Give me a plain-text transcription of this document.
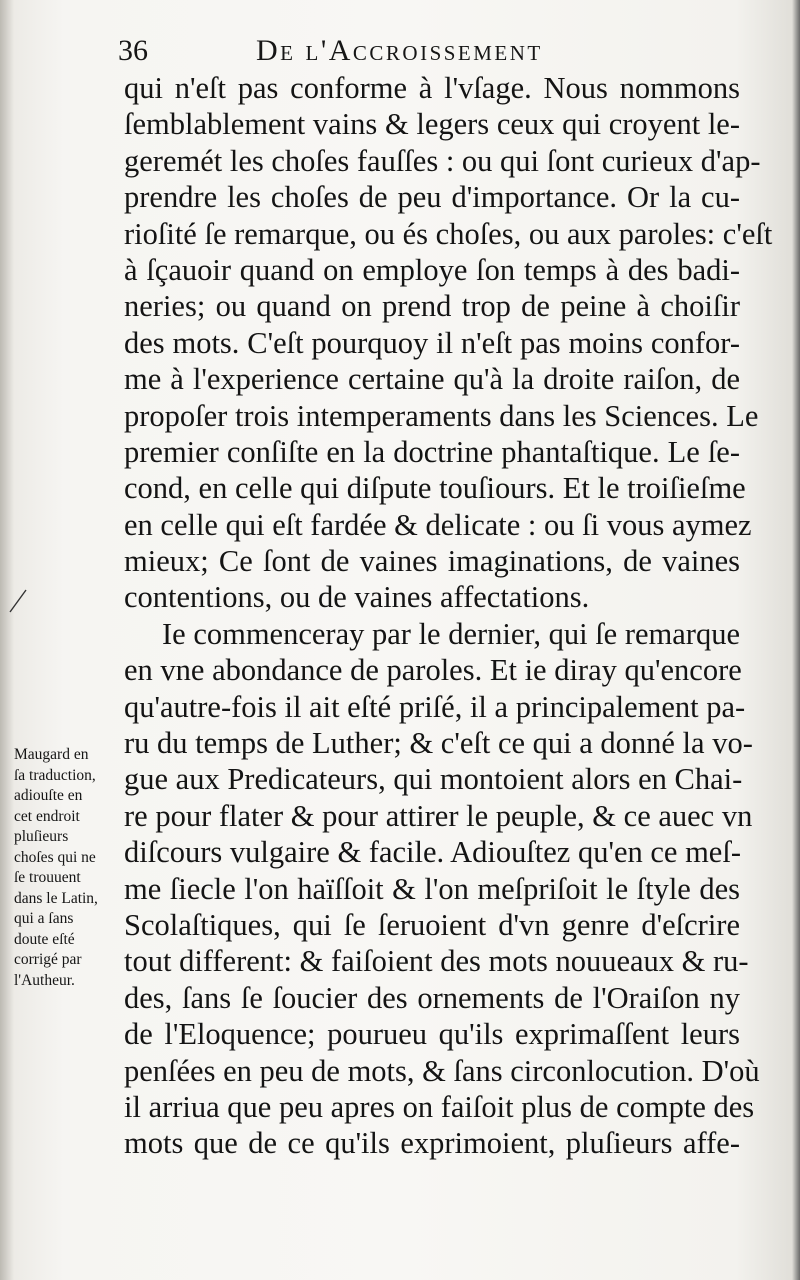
36	De l'Accroissement
qui n'eſt pas conforme à l'vſage. Nous nommons
ſemblablement vains & legers ceux qui croyent le-
geremét les choſes fauſſes : ou qui ſont curieux d'ap-
prendre les choſes de peu d'importance. Or la cu-
rioſité ſe remarque, ou és choſes, ou aux paroles: c'eſt
à ſçauoir quand on employe ſon temps à des badi-
neries; ou quand on prend trop de peine à choiſir
des mots. C'eſt pourquoy il n'eſt pas moins confor-
me à l'experience certaine qu'à la droite raiſon, de
propoſer trois intemperaments dans les Sciences. Le
premier conſiſte en la doctrine phantaſtique. Le ſe-
cond, en celle qui diſpute touſiours. Et le troiſieſme
en celle qui eſt fardée & delicate : ou ſi vous aymez
mieux; Ce ſont de vaines imaginations, de vaines
contentions, ou de vaines affectations.
Ie commenceray par le dernier, qui ſe remarque
en vne abondance de paroles. Et ie diray qu'encore
qu'autre-fois il ait eſté priſé, il a principalement pa-
ru du temps de Luther; & c'eſt ce qui a donné la vo-
gue aux Predicateurs, qui montoient alors en Chai-
re pour flater & pour attirer le peuple, & ce auec vn
diſcours vulgaire & facile. Adiouſtez qu'en ce meſ-
me ſiecle l'on haïſſoit & l'on meſpriſoit le ſtyle des
Scolaſtiques, qui ſe ſeruoient d'vn genre d'eſcrire
tout different: & faiſoient des mots nouueaux & ru-
des, ſans ſe ſoucier des ornements de l'Oraiſon ny
de l'Eloquence; pourueu qu'ils exprimaſſent leurs
penſées en peu de mots, & ſans circonlocution. D'où
il arriua que peu apres on faiſoit plus de compte des
mots que de ce qu'ils exprimoient, pluſieurs affe-
Maugard en
ſa traduction,
adiouſte en
cet endroit
pluſieurs
choſes qui ne
ſe trouuent
dans le Latin,
qui a ſans
doute eſté
corrigé par
l'Autheur.
